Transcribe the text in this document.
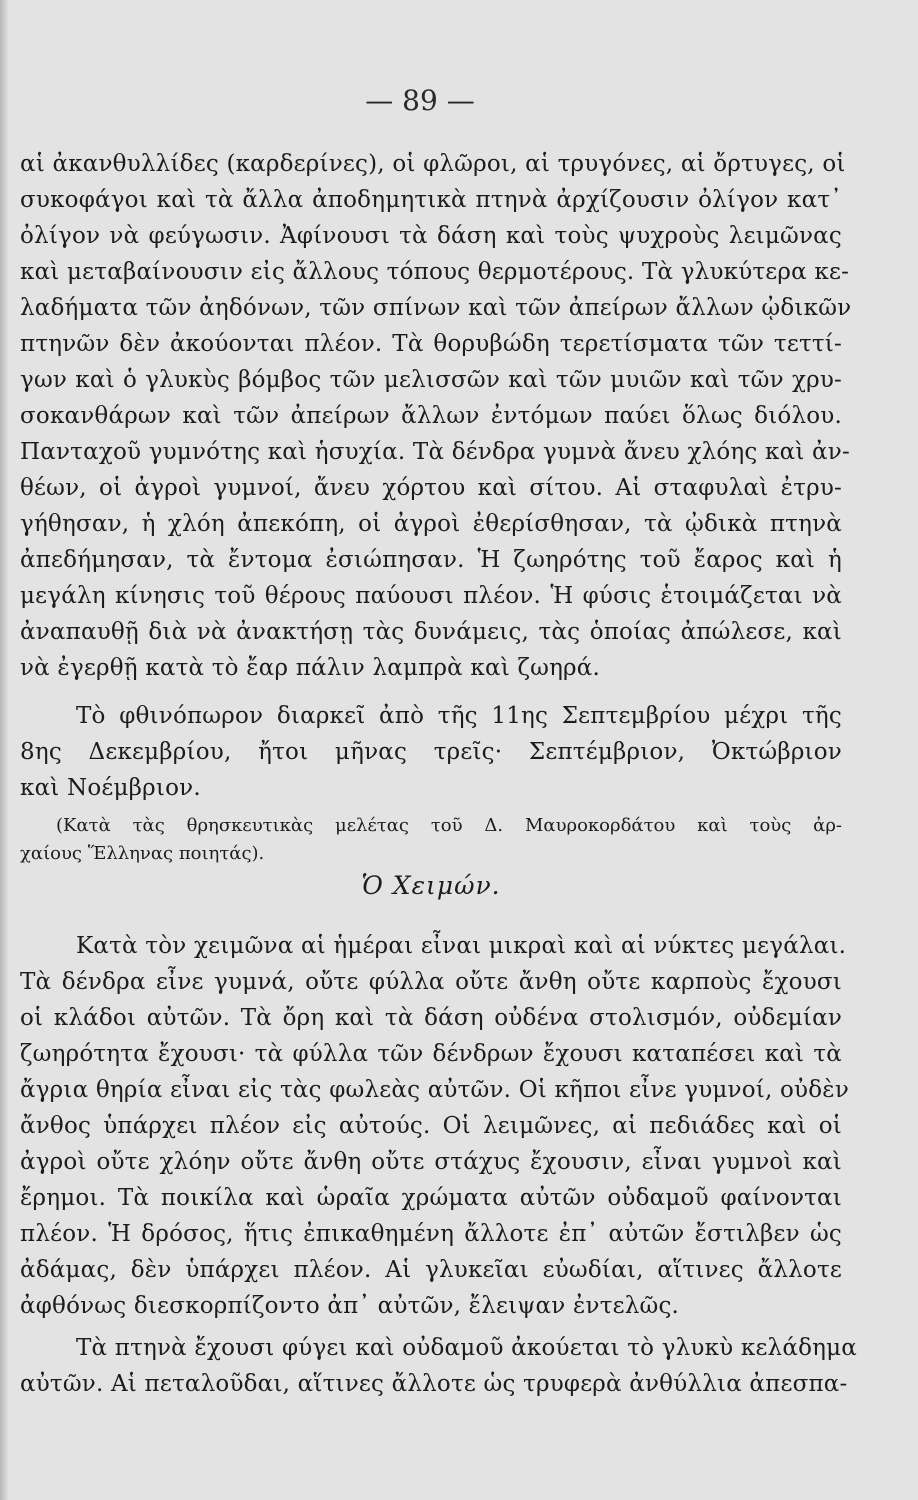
— 89 —
αἱ ἀκανθυλλίδες (καρδερίνες), οἱ φλῶροι, αἱ τρυγόνες, αἱ ὄρτυγες, οἱ
συκοφάγοι καὶ τὰ ἄλλα ἀποδημητικὰ πτηνὰ ἀρχίζουσιν ὀλίγον κατ᾽
ὀλίγον νὰ φεύγωσιν. Ἀφίνουσι τὰ δάση καὶ τοὺς ψυχροὺς λειμῶνας
καὶ μεταβαίνουσιν εἰς ἄλλους τόπους θερμοτέρους. Τὰ γλυκύτερα κε-
λαδήματα τῶν ἀηδόνων, τῶν σπίνων καὶ τῶν ἀπείρων ἄλλων ᾠδικῶν
πτηνῶν δὲν ἀκούονται πλέον. Τὰ θορυβώδη τερετίσματα τῶν τεττί-
γων καὶ ὁ γλυκὺς βόμβος τῶν μελισσῶν καὶ τῶν μυιῶν καὶ τῶν χρυ-
σοκανθάρων καὶ τῶν ἀπείρων ἄλλων ἐντόμων παύει ὅλως διόλου.
Πανταχοῦ γυμνότης καὶ ἡσυχία. Τὰ δένδρα γυμνὰ ἄνευ χλόης καὶ ἀν-
θέων, οἱ ἀγροὶ γυμνοί, ἄνευ χόρτου καὶ σίτου. Αἱ σταφυλαὶ ἐτρυ-
γήθησαν, ἡ χλόη ἀπεκόπη, οἱ ἀγροὶ ἐθερίσθησαν, τὰ ᾠδικὰ πτηνὰ
ἀπεδήμησαν, τὰ ἔντομα ἐσιώπησαν. Ἡ ζωηρότης τοῦ ἔαρος καὶ ἡ
μεγάλη κίνησις τοῦ θέρους παύουσι πλέον. Ἡ φύσις ἑτοιμάζεται νὰ
ἀναπαυθῇ διὰ νὰ ἀνακτήσῃ τὰς δυνάμεις, τὰς ὁποίας ἀπώλεσε, καὶ
νὰ ἐγερθῇ κατὰ τὸ ἔαρ πάλιν λαμπρὰ καὶ ζωηρά.
Τὸ φθινόπωρον διαρκεῖ ἀπὸ τῆς 11ης Σεπτεμβρίου μέχρι τῆς
8ης Δεκεμβρίου, ἤτοι μῆνας τρεῖς· Σεπτέμβριον, Ὀκτώβριον
καὶ Νοέμβριον.
(Κατὰ τὰς θρησκευτικὰς μελέτας τοῦ Δ. Μαυροκορδάτου καὶ τοὺς ἀρ-
χαίους Ἕλληνας ποιητάς).
Ὁ Χειμών.
Κατὰ τὸν χειμῶνα αἱ ἡμέραι εἶναι μικραὶ καὶ αἱ νύκτες μεγάλαι.
Τὰ δένδρα εἶνε γυμνά, οὔτε φύλλα οὔτε ἄνθη οὔτε καρποὺς ἔχουσι
οἱ κλάδοι αὐτῶν. Τὰ ὄρη καὶ τὰ δάση οὐδένα στολισμόν, οὐδεμίαν
ζωηρότητα ἔχουσι· τὰ φύλλα τῶν δένδρων ἔχουσι καταπέσει καὶ τὰ
ἄγρια θηρία εἶναι εἰς τὰς φωλεὰς αὐτῶν. Οἱ κῆποι εἶνε γυμνοί, οὐδὲν
ἄνθος ὑπάρχει πλέον εἰς αὐτούς. Οἱ λειμῶνες, αἱ πεδιάδες καὶ οἱ
ἀγροὶ οὔτε χλόην οὔτε ἄνθη οὔτε στάχυς ἔχουσιν, εἶναι γυμνοὶ καὶ
ἔρημοι. Τὰ ποικίλα καὶ ὡραῖα χρώματα αὐτῶν οὐδαμοῦ φαίνονται
πλέον. Ἡ δρόσος, ἥτις ἐπικαθημένη ἄλλοτε ἐπ᾽ αὐτῶν ἔστιλβεν ὡς
ἀδάμας, δὲν ὑπάρχει πλέον. Αἱ γλυκεῖαι εὐωδίαι, αἵτινες ἄλλοτε
ἀφθόνως διεσκορπίζοντο ἀπ᾽ αὐτῶν, ἔλειψαν ἐντελῶς.
Τὰ πτηνὰ ἔχουσι φύγει καὶ οὐδαμοῦ ἀκούεται τὸ γλυκὺ κελάδημα
αὐτῶν. Αἱ πεταλοῦδαι, αἵτινες ἄλλοτε ὡς τρυφερὰ ἀνθύλλια ἀπεσπα-
